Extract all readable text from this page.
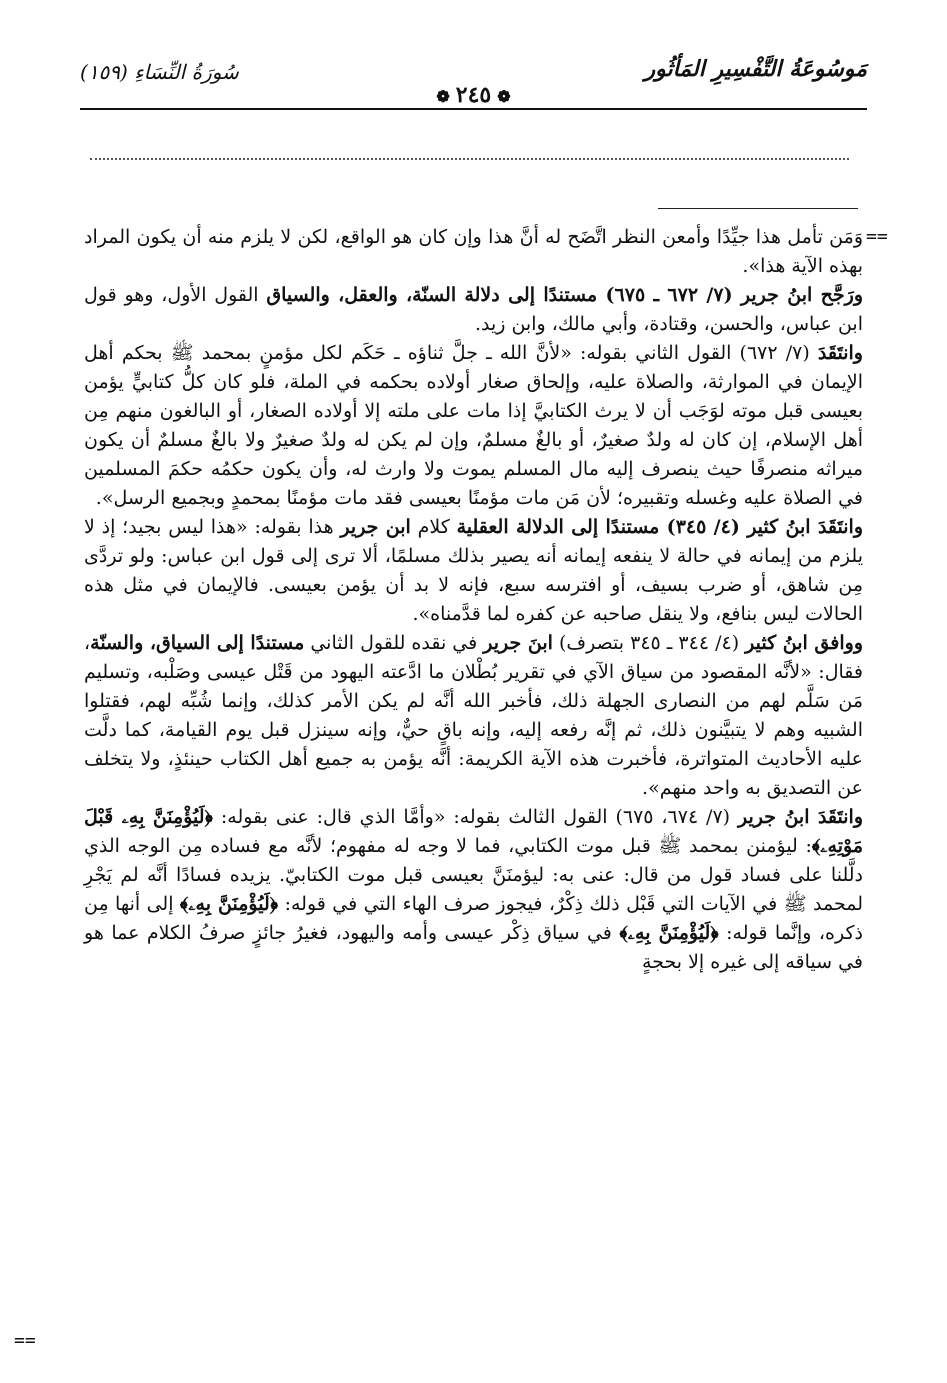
مَوسُوعَةُ التَّفْسِيرِ المَأثُور
❁٢٤٥❁
سُورَةُ النِّسَاءِ (١٥٩)
==

وَمَن تأمل هذا جيِّدًا وأمعن النظر اتَّضَح له أنَّ هذا وإن كان هو الواقع، لكن لا يلزم منه أن يكون المراد بهذه الآية هذا».

ورَجَّح ابنُ جرير (٧/ ٦٧٢ ـ ٦٧٥) مستندًا إلى دلالة السنّة، والعقل، والسياق القول الأول، وهو قول ابن عباس، والحسن، وقتادة، وأبي مالك، وابن زيد.

وانتَقَدَ (٧/ ٦٧٢) القول الثاني بقوله: «لأنَّ الله ـ جلَّ ثناؤه ـ حَكَم لكل مؤمنٍ بمحمد ﷺ بحكم أهل الإيمان في الموارثة، والصلاة عليه، وإلحاق صغار أولاده بحكمه في الملة، فلو كان كلُّ كتابيٍّ يؤمن بعيسى قبل موته لوَجَب أن لا يرث الكتابيَّ إذا مات على ملته إلا أولاده الصغار، أو البالغون منهم مِن أهل الإسلام، إن كان له ولدٌ صغيرٌ، أو بالغٌ مسلمٌ، وإن لم يكن له ولدٌ صغيرٌ ولا بالغٌ مسلمٌ أن يكون ميراثه منصرفًا حيث ينصرف إليه مال المسلم يموت ولا وارث له، وأن يكون حكمُه حكمَ المسلمين في الصلاة عليه وغسله وتقبيره؛ لأن مَن مات مؤمنًا بعيسى فقد مات مؤمنًا بمحمدٍ وبجميع الرسل».

وانتَقَدَ ابنُ كثير (٤/ ٣٤٥) مستندًا إلى الدلالة العقلية كلام ابن جرير هذا بقوله: «هذا ليس بجيد؛ إذ لا يلزم من إيمانه في حالة لا ينفعه إيمانه أنه يصير بذلك مسلمًا، ألا ترى إلى قول ابن عباس: ولو تردَّى مِن شاهق، أو ضرب بسيف، أو افترسه سبع، فإنه لا بد أن يؤمن بعيسى. فالإيمان في مثل هذه الحالات ليس بنافع، ولا ينقل صاحبه عن كفره لما قدَّمناه».

ووافق ابنُ كثير (٤/ ٣٤٤ ـ ٣٤٥ بتصرف) ابنَ جرير في نقده للقول الثاني مستندًا إلى السياق، والسنّة، فقال: «لأنَّه المقصود من سياق الآي في تقرير بُطْلان ما ادَّعته اليهود من قَتْل عيسى وصَلْبه، وتسليم مَن سَلَّم لهم من النصارى الجهلة ذلك، فأخبر الله أنَّه لم يكن الأمر كذلك، وإنما شُبِّه لهم، فقتلوا الشبيه وهم لا يتبيَّنون ذلك، ثم إنَّه رفعه إليه، وإنه باقٍ حيٌّ، وإنه سينزل قبل يوم القيامة، كما دلَّت عليه الأحاديث المتواترة، فأخبرت هذه الآية الكريمة: أنَّه يؤمن به جميع أهل الكتاب حينئذٍ، ولا يتخلف عن التصديق به واحد منهم».

وانتَقَدَ ابنُ جرير (٧/ ٦٧٤، ٦٧٥) القول الثالث بقوله: «وأمَّا الذي قال: عنى بقوله: ﴿لَيُؤْمِنَنَّ بِهِۦ قَبْلَ مَوْتِهِۦ﴾: ليؤمنن بمحمد ﷺ قبل موت الكتابي، فما لا وجه له مفهوم؛ لأنَّه مع فساده مِن الوجه الذي دلَّلنا على فساد قول من قال: عنى به: ليؤمنَنَّ بعيسى قبل موت الكتابيّ. يزيده فسادًا أنَّه لم يَجْرِ لمحمد ﷺ في الآيات التي قَبْل ذلك ذِكْرٌ، فيجوز صرف الهاء التي في قوله: ﴿لَيُؤْمِنَنَّ بِهِۦ﴾ إلى أنها مِن ذكره، وإنَّما قوله: ﴿لَيُؤْمِنَنَّ بِهِۦ﴾ في سياق ذِكْر عيسى وأمه واليهود، فغيرُ جائزٍ صرفُ الكلام عما هو في سياقه إلى غيره إلا بحجةٍ

==
